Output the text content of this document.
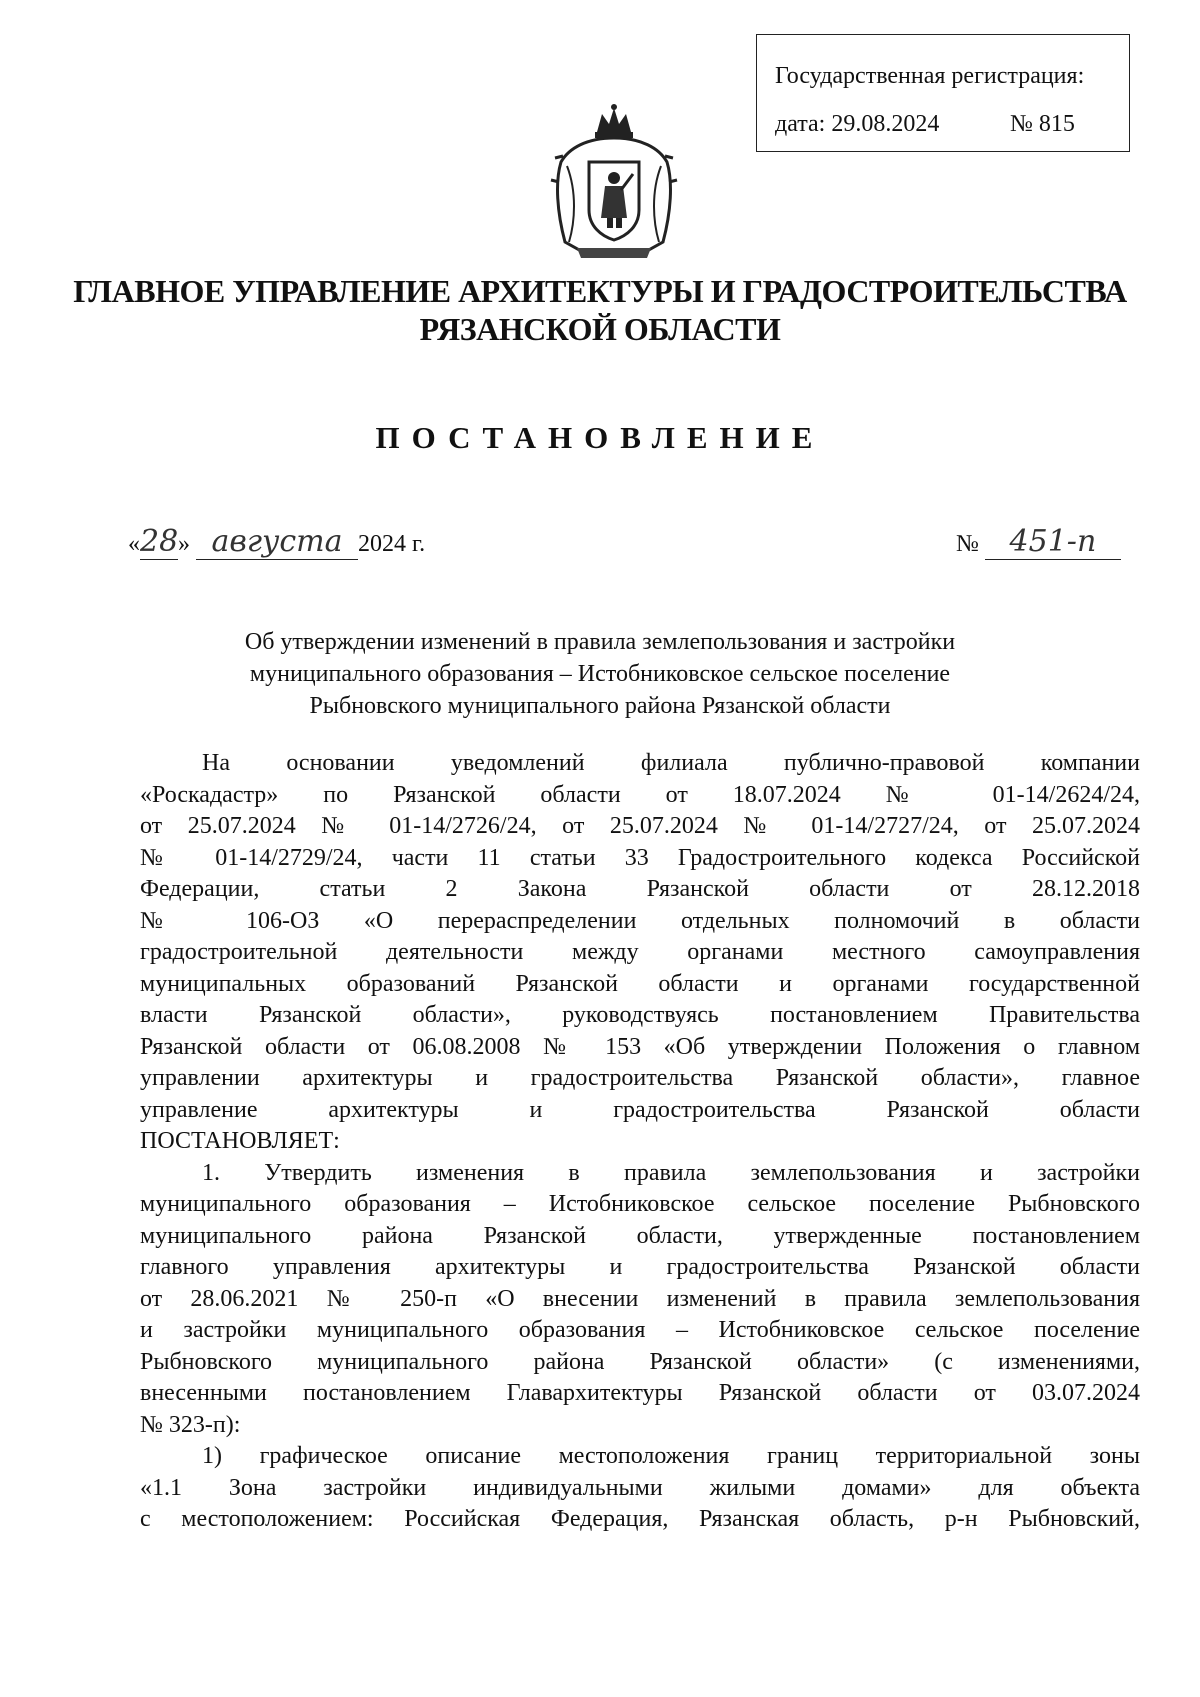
Государственная регистрация:
дата: 29.08.2024	№ 815
ГЛАВНОЕ УПРАВЛЕНИЕ АРХИТЕКТУРЫ И ГРАДОСТРОИТЕЛЬСТВА
РЯЗАНСКОЙ ОБЛАСТИ
ПОСТАНОВЛЕНИЕ
«28» августа 2024 г.	№ 451-п
Об утверждении изменений в правила землепользования и застройки
муниципального образования – Истобниковское сельское поселение
Рыбновского муниципального района Рязанской области
На основании уведомлений филиала публично-правовой компании
«Роскадастр» по Рязанской области от 18.07.2024 № 01-14/2624/24,
от 25.07.2024 № 01-14/2726/24, от 25.07.2024 № 01-14/2727/24, от 25.07.2024
№ 01-14/2729/24, части 11 статьи 33 Градостроительного кодекса Российской
Федерации, статьи 2 Закона Рязанской области от 28.12.2018
№ 106-ОЗ «О перераспределении отдельных полномочий в области
градостроительной деятельности между органами местного самоуправления
муниципальных образований Рязанской области и органами государственной
власти Рязанской области», руководствуясь постановлением Правительства
Рязанской области от 06.08.2008 № 153 «Об утверждении Положения о главном
управлении архитектуры и градостроительства Рязанской области», главное
управление архитектуры и градостроительства Рязанской области
ПОСТАНОВЛЯЕТ:
1. Утвердить изменения в правила землепользования и застройки
муниципального образования – Истобниковское сельское поселение Рыбновского
муниципального района Рязанской области, утвержденные постановлением
главного управления архитектуры и градостроительства Рязанской области
от 28.06.2021 № 250-п «О внесении изменений в правила землепользования
и застройки муниципального образования – Истобниковское сельское поселение
Рыбновского муниципального района Рязанской области» (с изменениями,
внесенными постановлением Главархитектуры Рязанской области от 03.07.2024
№ 323-п):
1) графическое описание местоположения границ территориальной зоны
«1.1 Зона застройки индивидуальными жилыми домами» для объекта
с местоположением: Российская Федерация, Рязанская область, р-н Рыбновский,
